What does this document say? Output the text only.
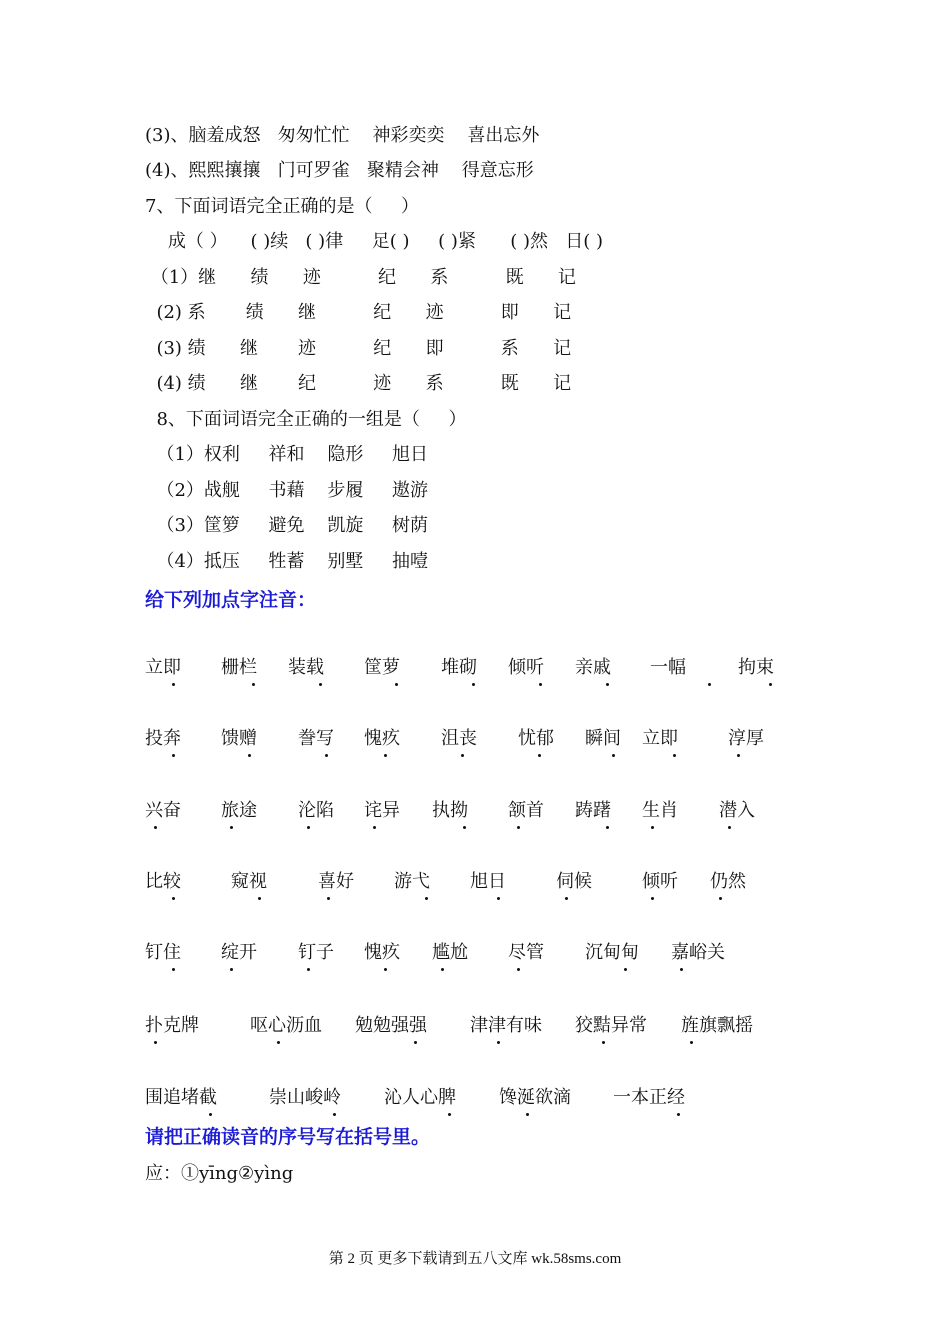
(3)、脑羞成怒   匆匆忙忙    神彩奕奕    喜出忘外
(4)、熙熙攘攘   门可罗雀   聚精会神    得意忘形
7、下面词语完全正确的是（     ）
成（ ）    ( )续   ( )律     足( )     ( )紧      ( )然   日( )
（1）继      绩      迹          纪      系          既      记
(2) 系       绩      继          纪      迹          即      记
(3) 绩      继       迹          纪      即          系      记
(4) 绩      继       纪          迹      系          既      记
8、下面词语完全正确的一组是（     ）
（1）权利     祥和    隐形     旭日
（2）战舰     书藉    步履     遨游
（3）筐箩     避免    凯旋     树荫
（4）抵压     牲蓄    别墅     抽噎
给下列加点字注音：
立即 栅栏 装载 筐萝 堆砌 倾听 亲戚 一幅	拘束
投奔 馈赠 誊写 愧疚 沮丧 忧郁 瞬间 立即	淳厚
兴奋 旅途 沦陷 诧异 执拗 颔首 踌躇 生肖 潜入
比较	窥视	喜好 游弋 旭日	伺候	倾听 仍然
钉住 绽开 钉子 愧疚 尴尬 尽管 沉甸甸 嘉峪关
扑克牌	呕心沥血 勉勉强强 津津有味 狡黠异常 旌旗飘摇
围追堵截	崇山峻岭 沁人心脾 馋涎欲滴 一本正经
请把正确读音的序号写在括号里。
应：①yīng②yìng
第 2 页 更多下载请到五八文库 wk.58sms.com
